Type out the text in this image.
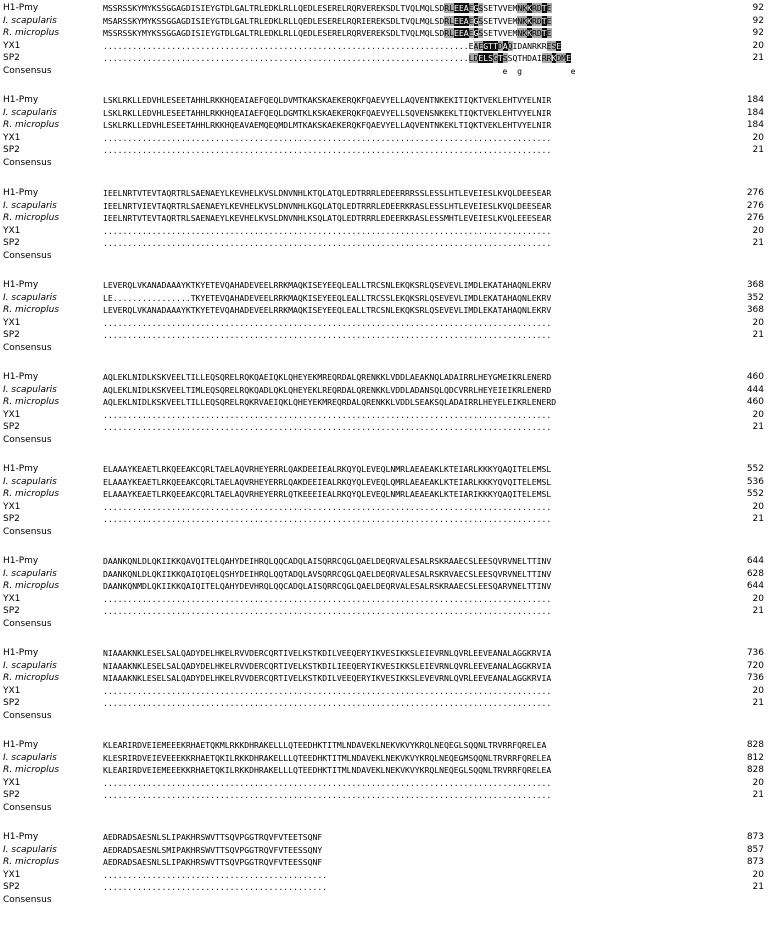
H1-Pmy	MSSRSSKYMYKSSGGAGDISIEYGTDLGALTRLEDKLRLLQEDLESERELRQRVEREKSDLTVQLMQLSDRLEEAEGSSETVVEMNKKRDTE	92
I. scapularis	MSARSSKYMYKSSGGAGDISIEYGTDLGALTRLEDKLRLLQEDLESERELRQRIEREKSDLTVQLMQLSDRLEEAEGSSETVVEMNKKRDTE	92
R. microplus	MSSRSSKYMYKSSGGAGDISIEYGTDLGALTRLEDKLRLLQEDLESERELRQRVEREKSDLTVQLMQLSDRLEEAEGSSETVVEMNKKRDTE	92
YX1	...........................................................................EAEGTTDAQIDANRKRESE	20
SP2	...........................................................................LDELSGTSSQTHDAIRRKDME	21
Consensus	e  g          e
H1-Pmy	LSKLRKLLEDVHLESEETAHHLRKKHQEAIAEFQEQLDVMTKAKSKAEKERQKFQAEVYELLAQVENTNKEKITIQKTVEKLEHTVYELNIR	184
I. scapularis	LSKLRKLLEDVHLESEETAHHLRKKHQEAIAEFQEQLDGMTKLKSKAEKERQKFQAEVYELLSQVENSNKEKLTIQKTVEKLEHTVYELNIR	184
R. microplus	LSKLRKLLEDVHLESEETAHHLRKKHQEAVAEMQEQMDLMTKAKSKAEKERQKFQAEVYELLAQVENTNKEKLTIQKTVEKLEHTVYELNIR	184
YX1	............................................................................................	20
SP2	............................................................................................	21
Consensus
H1-Pmy	IEELNRTVTEVTAQRTRLSAENAEYLKEVHELKVSLDNVNHLKTQLATQLEDTRRRLEDEERRRSSLESSLHTLEVEIESLKVQLDEESEAR	276
I. scapularis	IEELNRTVIEVTAQRTRLSAENAEYLKEVHELKVSLDNVNHLKGQLATQLEDTRRRLEDEERKRASLESSLHTLEVEIESLKVQLDEESEAR	276
R. microplus	IEELNRTVTEVTAQRTRLSAENAEYLKEVHELKVSLDNVNHLKSQLATQLEDTRRRLEDEERKRASLESSMHTLEVEIESLKVQLEEESEAR	276
YX1	............................................................................................	20
SP2	............................................................................................	21
Consensus
H1-Pmy	LEVERQLVKANADAAAYKTKYETEVQAHADEVEELRRKMAQKISEYEEQLEALLTRCSNLEKQKSRLQSEVEVLIMDLEKATAHAQNLEKRV	368
I. scapularis	LE................TKYETEVQAHADEVEELRRKMAQKISEYEEQLEALLTRCSSLEKQKSRLQSEVEVLIMDLEKATAHAQNLEKRV	352
R. microplus	LEVERQLVKANADAAAYKTKYETEVQAHADEVEELRRKMAQKISEYEEQLEALLTRCSNLEKQKSRLQSEVEVLIMDLEKATAHAQNLEKRV	368
YX1	............................................................................................	20
SP2	............................................................................................	21
Consensus
H1-Pmy	AQLEKLNIDLKSKVEELTILLEQSQRELRQKQAEIQKLQHEYEKMREQRDALQRENKKLVDDLAEAKNQLADAIRRLHEYGMEIKRLENERD	460
I. scapularis	AQLEKLNIDLKSKVEELTIMLEQSQRELRQKQADLQKLQHEYEKLREQRDALQRENKKLVDDLADANSQLQDCVRRLHEYEIEIKRLENERD	444
R. microplus	AQLEKLNIDLKSKVEELTILLEQSQRELRQKRVAEIQKLQHEYEKMREQRDALQRENKKLVDDLSEAKSQLADAIRRLHEYELEIKRLENERD	460
YX1	............................................................................................	20
SP2	............................................................................................	21
Consensus
H1-Pmy	ELAAAYKEAETLRKQEEAKCQRLTAELAQVRHEYERRLQAKDEEIEALRKQYQLEVEQLNMRLAEAEAKLKTEIARLKKKYQAQITELEMSL	552
I. scapularis	ELAAAYKEAETLRKQEEAKCQRLTAELAQVRHEYERRLQAKDEEIEALRKQYQLEVEQLQMRLAEAEAKLKTEIARLKKKYQVQITELEMSL	536
R. microplus	ELAAAYKEAETLRKQEEAKCQRLTAELAQVRHEYERRLQTKEEEIEALRKQYQLEVEQLNMRLAEAEAKLKTEIARIKKKYQAQITELEMSL	552
YX1	............................................................................................	20
SP2	............................................................................................	21
Consensus
H1-Pmy	DAANKQNLDLQKIIKKQAVQITELQAHYDEIHRQLQQCADQLAISQRRCQGLQAELDEQRVALESALRSKRAAECSLEESQVRVNELTTINV	644
I. scapularis	DAANKQNLDLQKIIKKQAIQIQELQSHYDEIHRQLQQTADQLAVSQRRCQGLQAELDEQRVALESALRSKRVAECSLEESQVRVNELTTINV	628
R. microplus	DAANKQNMDLQKIIKKQAIQITELQAHYDEVHRQLQQCADQLAISQRRCQGLQAELDEQRVALESALRSKRAAECSLEESQARVNELTTINV	644
YX1	............................................................................................	20
SP2	............................................................................................	21
Consensus
H1-Pmy	NIAAAKNKLESELSALQADYDELHKELRVVDERCQRTIVELKSTKDILVEEQERYIKVESIKKSLEIEVRNLQVRLEEVEANALAGGKRVIA	736
I. scapularis	NIAAAKNKLESELSALQADYDELHKELRVVDERCQRTIVELKSTKDILIEEQERYIKVESIKKSLEIEVRNLQVRLEEVEANALAGGKRVIA	720
R. microplus	NIAAAKNKLESELSALQADYDELHKELRVVDERCQRTIVELKSTKDILVEEQERYIKVESIKKSLEVEVRNLQVRLEEVEANALAGGKRVIA	736
YX1	............................................................................................	20
SP2	............................................................................................	21
Consensus
H1-Pmy	KLEARIRDVEIEMEEEKRHAETQKMLRKKDHRAKELLLQTEEDHKTITMLNDAVEKLNEKVKVYKRQLNEQEGLSQQNLTRVRRFQRELEA	828
I. scapularis	KLESRIRDVEIEVEEEKKRHAETQKILRKKDHRAKELLLQTEEDHKTITMLNDAVEKLNEKVKVYKRQLNEQEGMSQQNLTRVRRFQRELEA	812
R. microplus	KLEARIRDVEIEMEEEKKRHAETQKILRKKDHRAKELLLQTEEDHKTITMLNDAVEKLNEKVKVYKRQLNEQEGLSQQNLTRVRRFQRELEA	828
YX1	............................................................................................	20
SP2	............................................................................................	21
Consensus
H1-Pmy	AEDRADSAESNLSLIPAKHRSWVTTSQVPGGTRQVFVTEETSQNF	873
I. scapularis	AEDRADSAESNLSMIPAKHRSWVTTSQVPGGTRQVFVTEESSQNY	857
R. microplus	AEDRADSAESNLSLIPAKHRSWVTTSQVPGGTRQVFVTEESSQNF	873
YX1	..............................................	20
SP2	..............................................	21
Consensus
